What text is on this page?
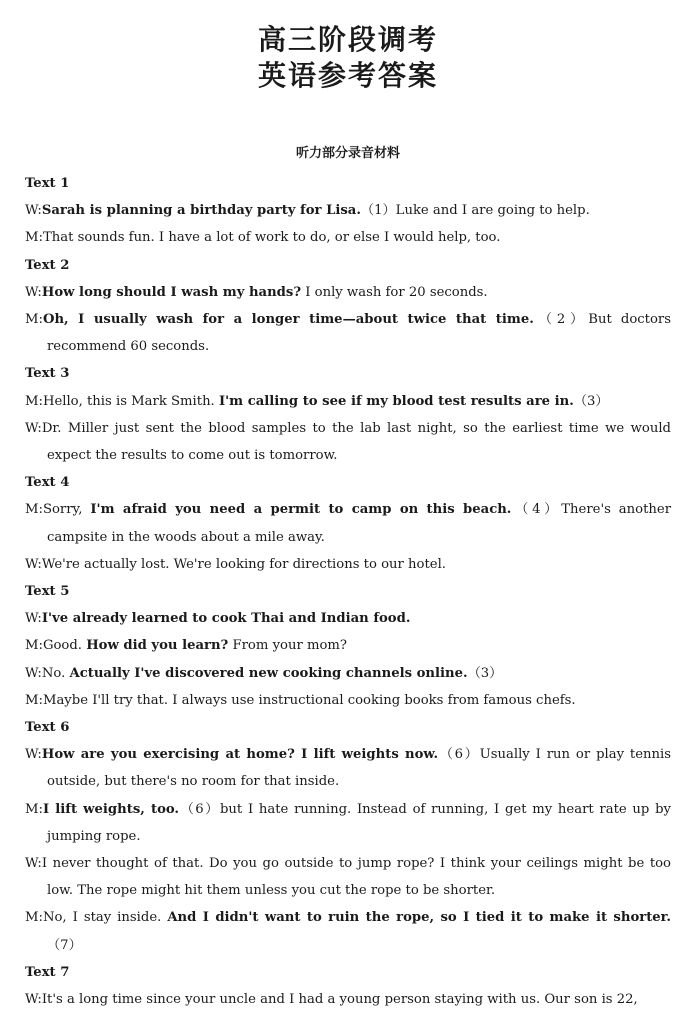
高三阶段调考
英语参考答案
听力部分录音材料
Text 1
W:Sarah is planning a birthday party for Lisa.（1）Luke and I are going to help.
M:That sounds fun. I have a lot of work to do, or else I would help, too.
Text 2
W:How long should I wash my hands? I only wash for 20 seconds.
M:Oh, I usually wash for a longer time—about twice that time.（2）But doctors recommend 60 seconds.
Text 3
M:Hello, this is Mark Smith. I'm calling to see if my blood test results are in.（3）
W:Dr. Miller just sent the blood samples to the lab last night, so the earliest time we would expect the results to come out is tomorrow.
Text 4
M:Sorry, I'm afraid you need a permit to camp on this beach.（4）There's another campsite in the woods about a mile away.
W:We're actually lost. We're looking for directions to our hotel.
Text 5
W:I've already learned to cook Thai and Indian food.
M:Good. How did you learn? From your mom?
W:No. Actually I've discovered new cooking channels online.（3）
M:Maybe I'll try that. I always use instructional cooking books from famous chefs.
Text 6
W:How are you exercising at home? I lift weights now.（6）Usually I run or play tennis outside, but there's no room for that inside.
M:I lift weights, too.（6）but I hate running. Instead of running, I get my heart rate up by jumping rope.
W:I never thought of that. Do you go outside to jump rope? I think your ceilings might be too low. The rope might hit them unless you cut the rope to be shorter.
M:No, I stay inside. And I didn't want to ruin the rope, so I tied it to make it shorter.（7）
Text 7
W:It's a long time since your uncle and I had a young person staying with us. Our son is 22,
